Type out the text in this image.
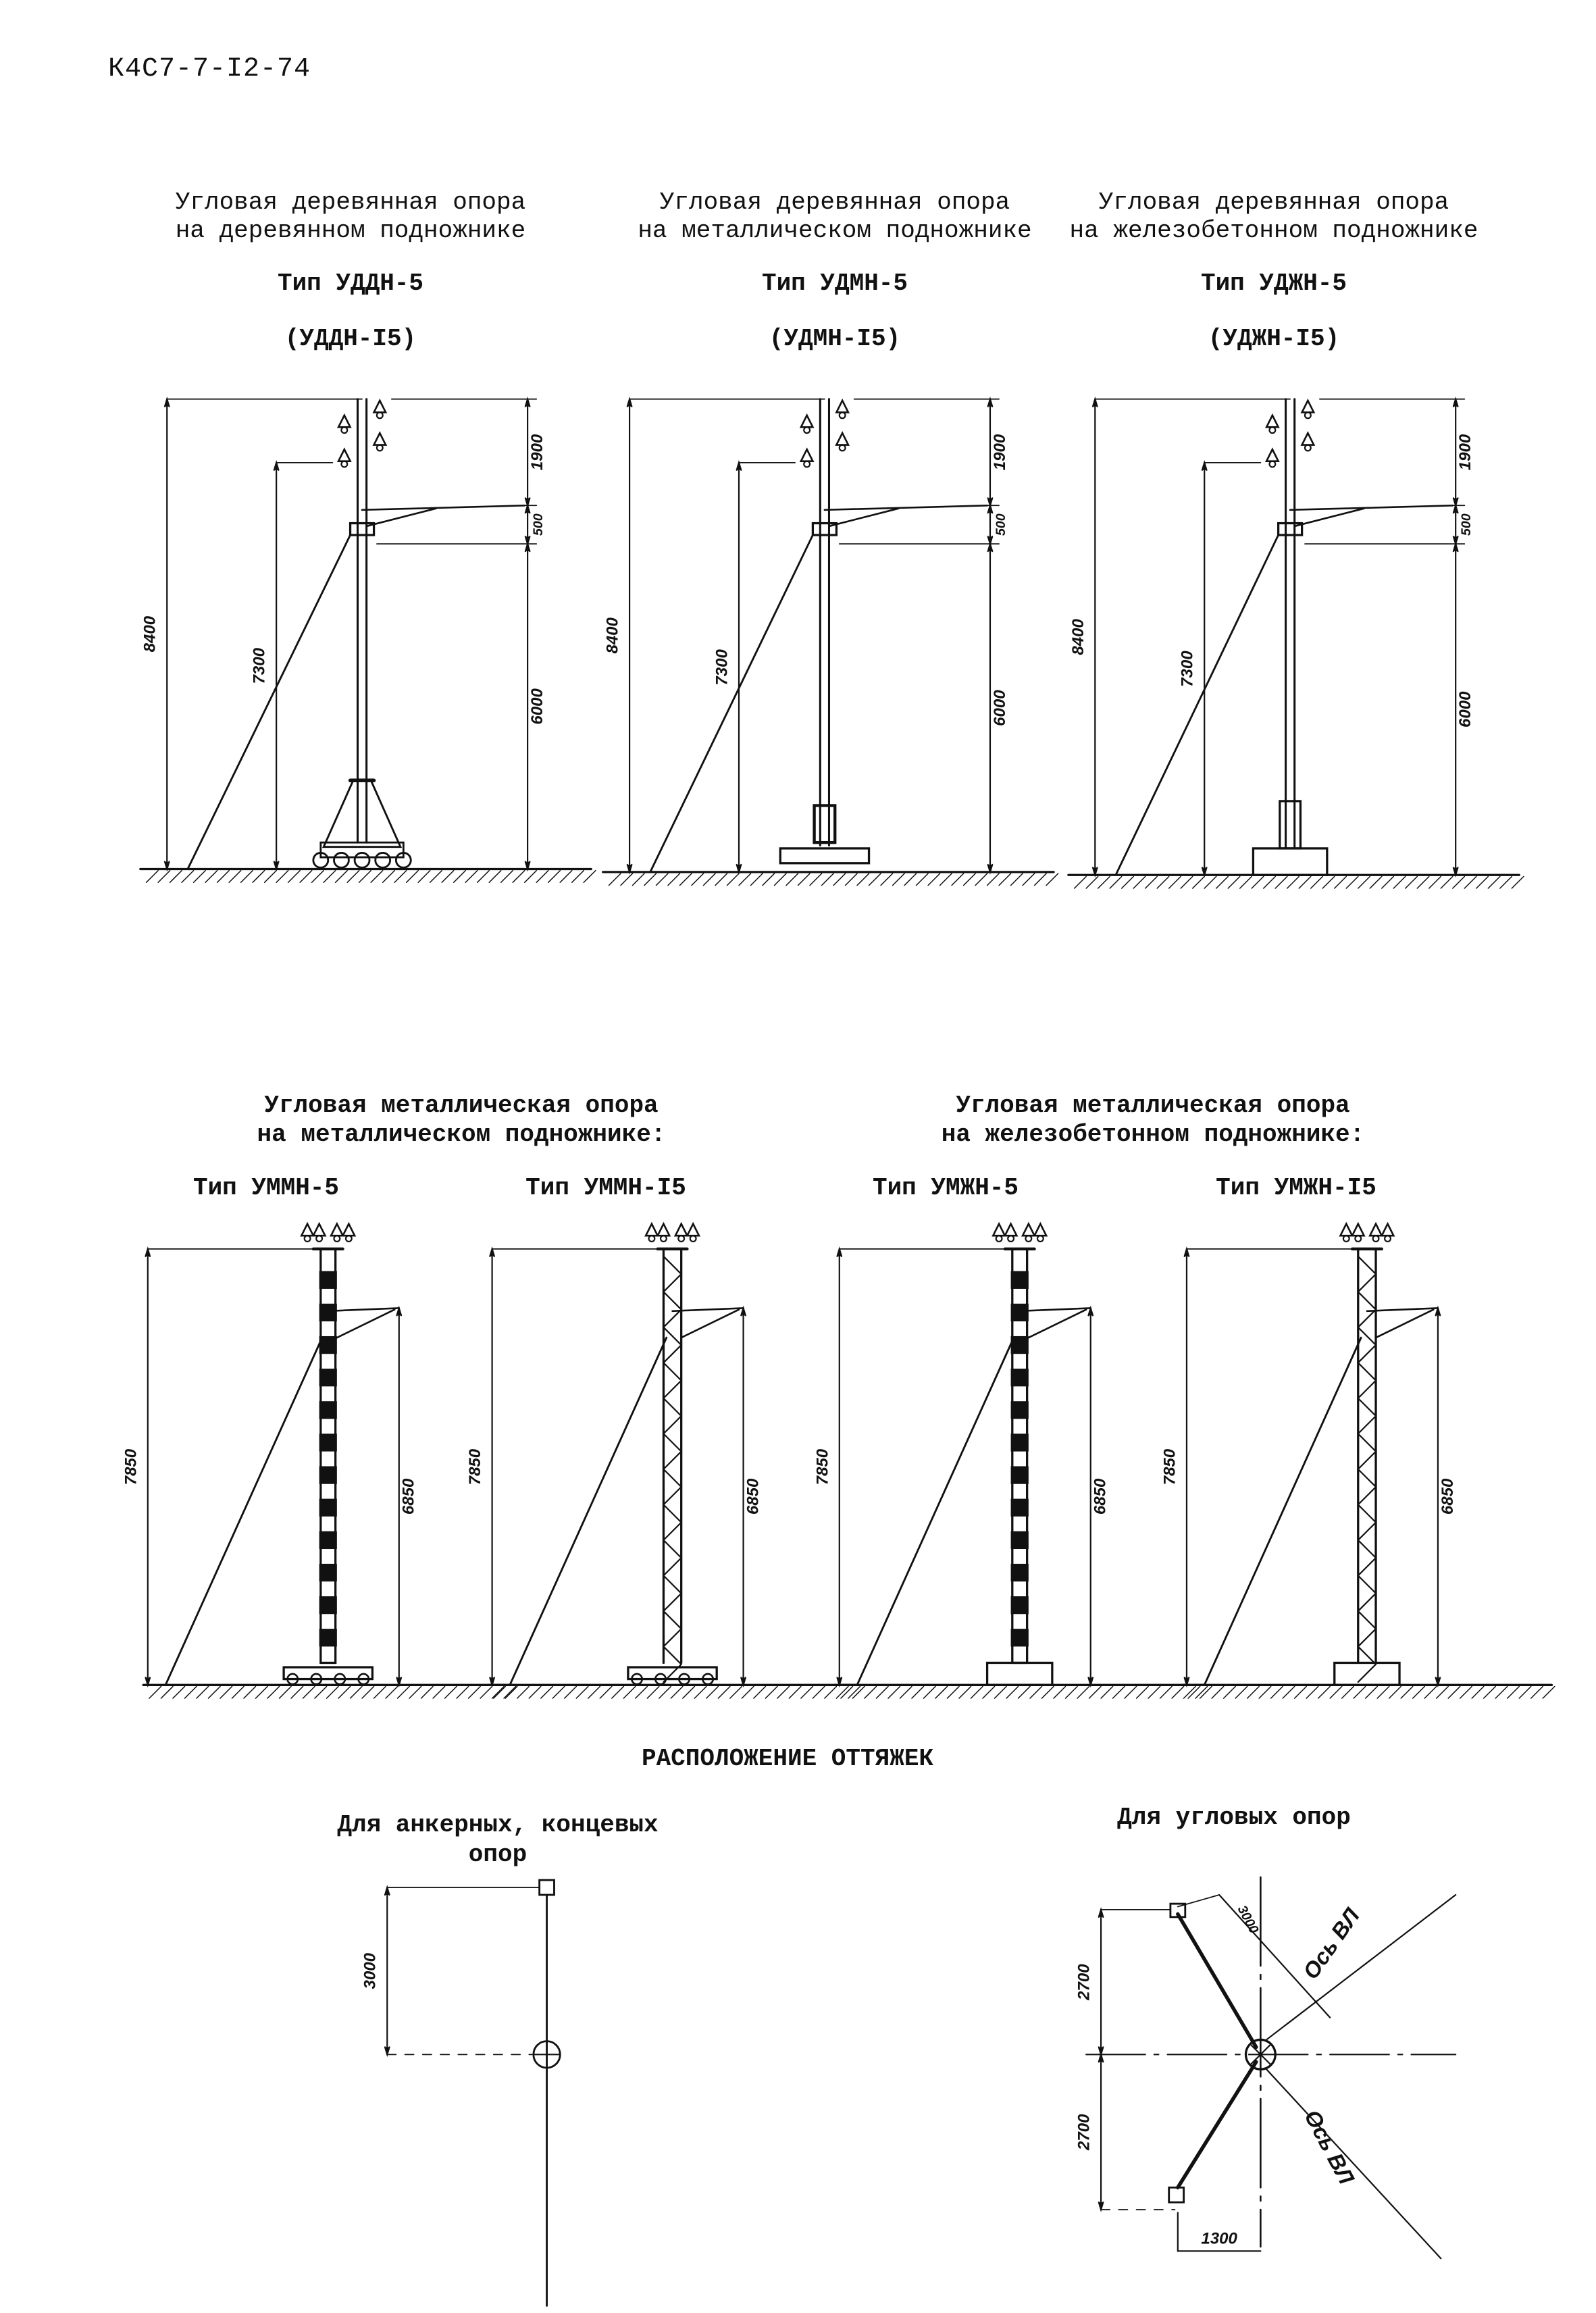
К4С7-7-I2-74
Угловая деревянная опора
на деревянном подножнике
Тип УДДН-5
(УДДН-I5)
Угловая деревянная опора
на металлическом подножнике
Тип УДМН-5
(УДМН-I5)
Угловая деревянная опора
на железобетонном подножнике
Тип УДЖН-5
(УДЖН-I5)
Угловая металлическая опора
на металлическом подножнике:
Угловая металлическая опора
на железобетонном подножнике:
Тип УММН-5	Тип УММН-I5	Тип УМЖН-5	Тип УМЖН-I5
РАСПОЛОЖЕНИЕ ОТТЯЖЕК
Для анкерных, концевых
опор
Для угловых опор
8400
7300
1900
500
6000
8400
7300
1900
500
6000
8400
7300
1900
500
6000
7850
6850
7850
6850
7850
6850
7850
6850
3000	Ось ВЛ
Ось ВЛ
3000
2700
2700
1300
